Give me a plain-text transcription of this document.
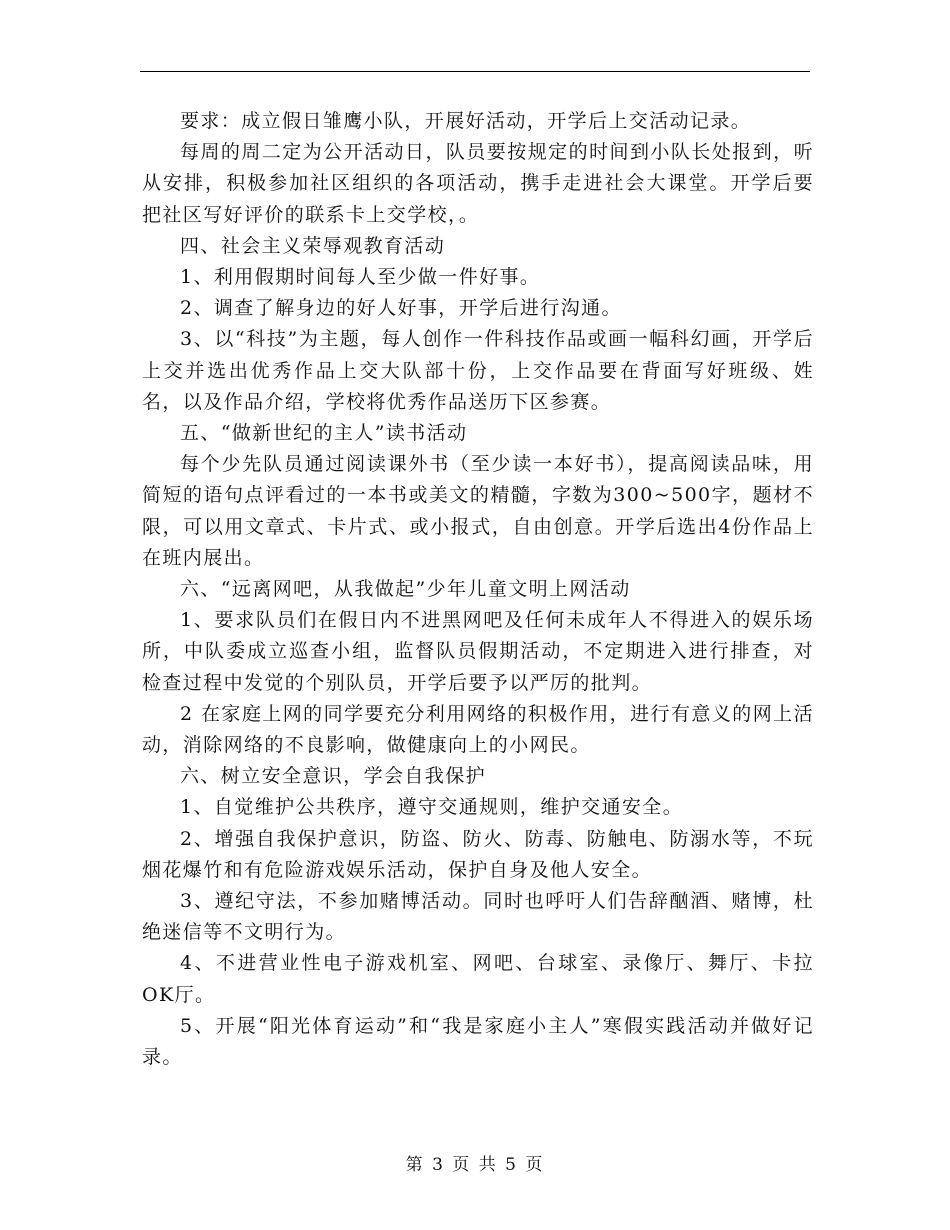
要求：成立假日雏鹰小队，开展好活动，开学后上交活动记录。

每周的周二定为公开活动日，队员要按规定的时间到小队长处报到，听从安排，积极参加社区组织的各项活动，携手走进社会大课堂。开学后要把社区写好评价的联系卡上交学校，。

四、社会主义荣辱观教育活动

1、利用假期时间每人至少做一件好事。

2、调查了解身边的好人好事，开学后进行沟通。

3、以“科技”为主题，每人创作一件科技作品或画一幅科幻画，开学后上交并选出优秀作品上交大队部十份，上交作品要在背面写好班级、姓名，以及作品介绍，学校将优秀作品送历下区参赛。

五、“做新世纪的主人”读书活动

每个少先队员通过阅读课外书（至少读一本好书），提高阅读品味，用简短的语句点评看过的一本书或美文的精髓，字数为300~500字，题材不限，可以用文章式、卡片式、或小报式，自由创意。开学后选出4份作品上在班内展出。

六、“远离网吧，从我做起”少年儿童文明上网活动

1、要求队员们在假日内不进黑网吧及任何未成年人不得进入的娱乐场所，中队委成立巡查小组，监督队员假期活动，不定期进入进行排查，对检查过程中发觉的个别队员，开学后要予以严厉的批判。

2 在家庭上网的同学要充分利用网络的积极作用，进行有意义的网上活动，消除网络的不良影响，做健康向上的小网民。

六、树立安全意识，学会自我保护

1、自觉维护公共秩序，遵守交通规则，维护交通安全。

2、增强自我保护意识，防盗、防火、防毒、防触电、防溺水等，不玩烟花爆竹和有危险游戏娱乐活动，保护自身及他人安全。

3、遵纪守法，不参加赌博活动。同时也呼吁人们告辞酗酒、赌博，杜绝迷信等不文明行为。

4、不进营业性电子游戏机室、网吧、台球室、录像厅、舞厅、卡拉OK厅。

5、开展“阳光体育运动”和“我是家庭小主人”寒假实践活动并做好记录。

第 3 页 共 5 页
